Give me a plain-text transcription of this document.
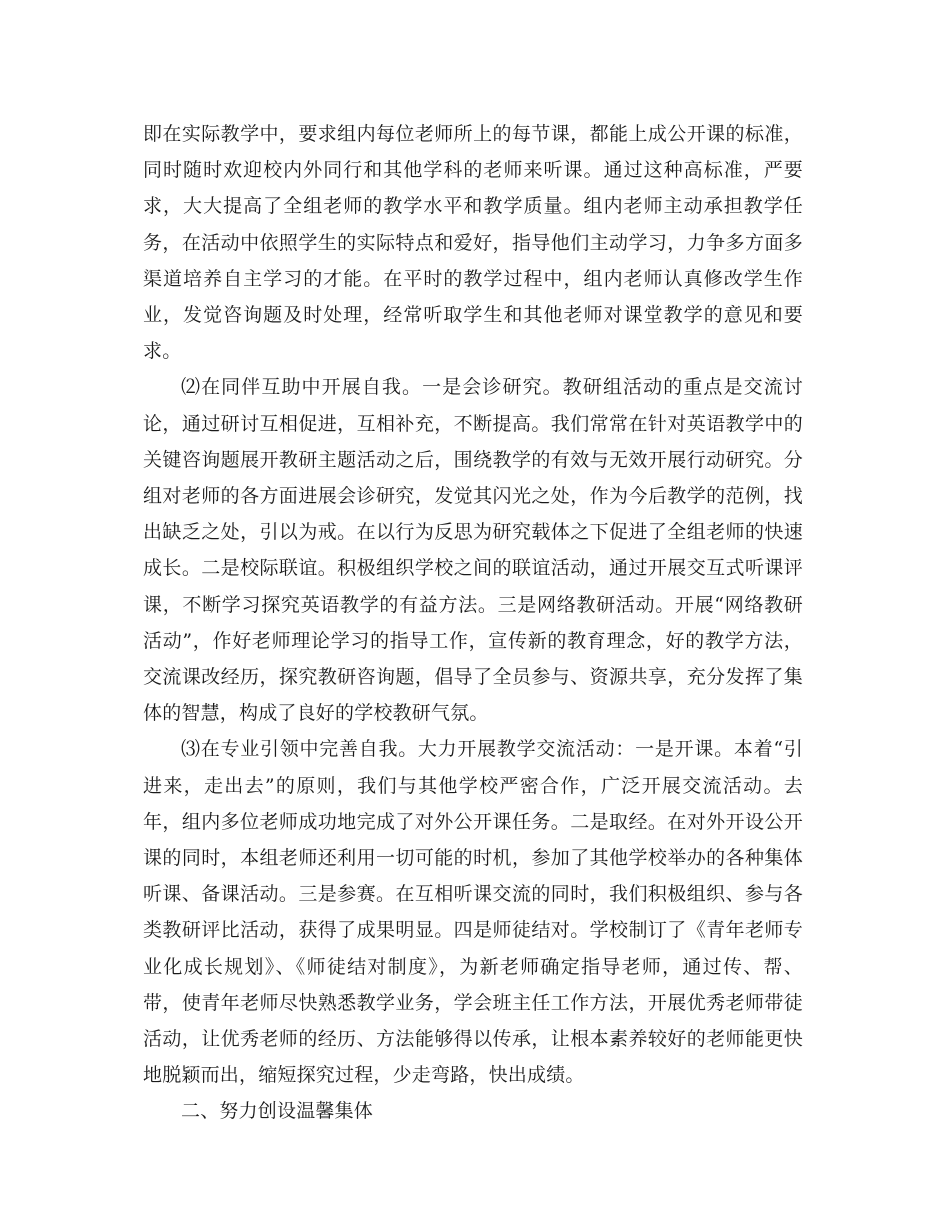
即在实际教学中，要求组内每位老师所上的每节课，都能上成公开课的标准，同时随时欢迎校内外同行和其他学科的老师来听课。通过这种高标准，严要求，大大提高了全组老师的教学水平和教学质量。组内老师主动承担教学任务，在活动中依照学生的实际特点和爱好，指导他们主动学习，力争多方面多渠道培养自主学习的才能。在平时的教学过程中，组内老师认真修改学生作业，发觉咨询题及时处理，经常听取学生和其他老师对课堂教学的意见和要求。

⑵在同伴互助中开展自我。一是会诊研究。教研组活动的重点是交流讨论，通过研讨互相促进，互相补充，不断提高。我们常常在针对英语教学中的关键咨询题展开教研主题活动之后，围绕教学的有效与无效开展行动研究。分组对老师的各方面进展会诊研究，发觉其闪光之处，作为今后教学的范例，找出缺乏之处，引以为戒。在以行为反思为研究载体之下促进了全组老师的快速成长。二是校际联谊。积极组织学校之间的联谊活动，通过开展交互式听课评课，不断学习探究英语教学的有益方法。三是网络教研活动。开展“网络教研活动”，作好老师理论学习的指导工作，宣传新的教育理念，好的教学方法，交流课改经历，探究教研咨询题，倡导了全员参与、资源共享，充分发挥了集体的智慧，构成了良好的学校教研气氛。

⑶在专业引领中完善自我。大力开展教学交流活动：一是开课。本着“引进来，走出去”的原则，我们与其他学校严密合作，广泛开展交流活动。去年，组内多位老师成功地完成了对外公开课任务。二是取经。在对外开设公开课的同时，本组老师还利用一切可能的时机，参加了其他学校举办的各种集体听课、备课活动。三是参赛。在互相听课交流的同时，我们积极组织、参与各类教研评比活动，获得了成果明显。四是师徒结对。学校制订了《青年老师专业化成长规划》、《师徒结对制度》，为新老师确定指导老师，通过传、帮、带，使青年老师尽快熟悉教学业务，学会班主任工作方法，开展优秀老师带徒活动，让优秀老师的经历、方法能够得以传承，让根本素养较好的老师能更快地脱颖而出，缩短探究过程，少走弯路，快出成绩。

二、努力创设温馨集体
